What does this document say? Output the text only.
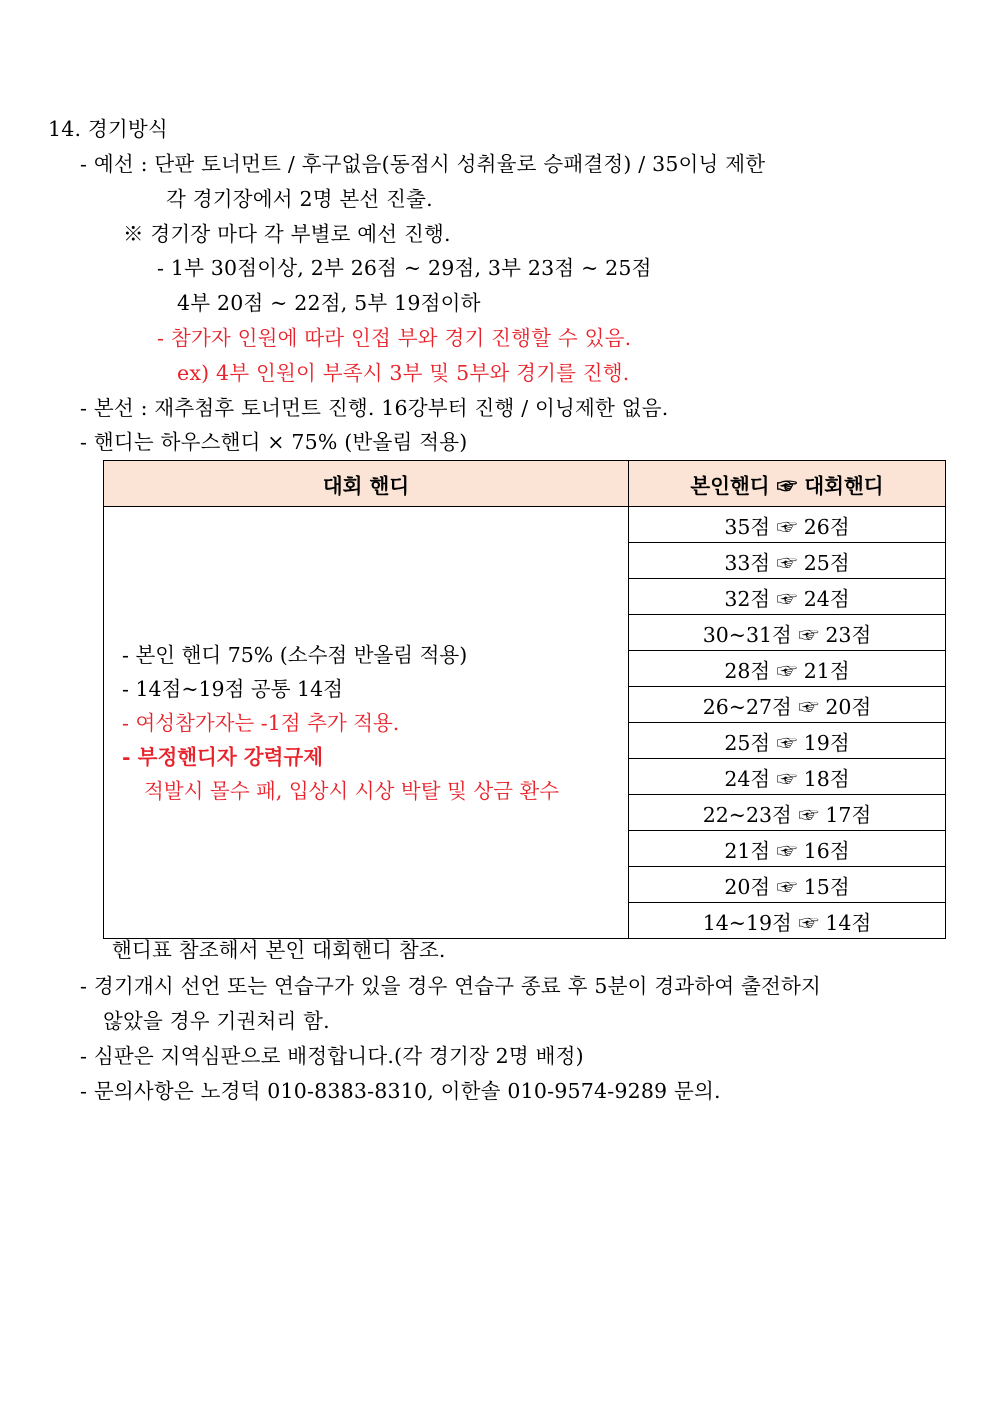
14. 경기방식
- 예선 : 단판 토너먼트 / 후구없음(동점시 성취율로 승패결정) / 35이닝 제한
각 경기장에서 2명 본선 진출.
※ 경기장 마다 각 부별로 예선 진행.
- 1부 30점이상, 2부 26점 ~ 29점, 3부 23점 ~ 25점
4부 20점 ~ 22점, 5부 19점이하
- 참가자 인원에 따라 인접 부와 경기 진행할 수 있음.
ex) 4부 인원이 부족시 3부 및 5부와 경기를 진행.
- 본선 : 재추첨후 토너먼트 진행. 16강부터 진행 / 이닝제한 없음.
- 핸디는 하우스핸디 × 75% (반올림 적용)
대회 핸디	본인핸디 ☞ 대회핸디

- 본인 핸디 75% (소수점 반올림 적용)
- 14점~19점 공통 14점
- 여성참가자는 -1점 추가 적용.
- 부정핸디자 강력규제
적발시 몰수 패, 입상시 시상 박탈 및 상금 환수	35점 ☞ 26점
	33점 ☞ 25점
	32점 ☞ 24점
	30~31점 ☞ 23점
	28점 ☞ 21점
	26~27점 ☞ 20점
	25점 ☞ 19점
	24점 ☞ 18점
	22~23점 ☞ 17점
	21점 ☞ 16점
	20점 ☞ 15점
	14~19점 ☞ 14점
핸디표 참조해서 본인 대회핸디 참조.
- 경기개시 선언 또는 연습구가 있을 경우 연습구 종료 후 5분이 경과하여 출전하지
않았을 경우 기권처리 함.
- 심판은 지역심판으로 배정합니다.(각 경기장 2명 배정)
- 문의사항은 노경덕 010-8383-8310, 이한솔 010-9574-9289 문의.
